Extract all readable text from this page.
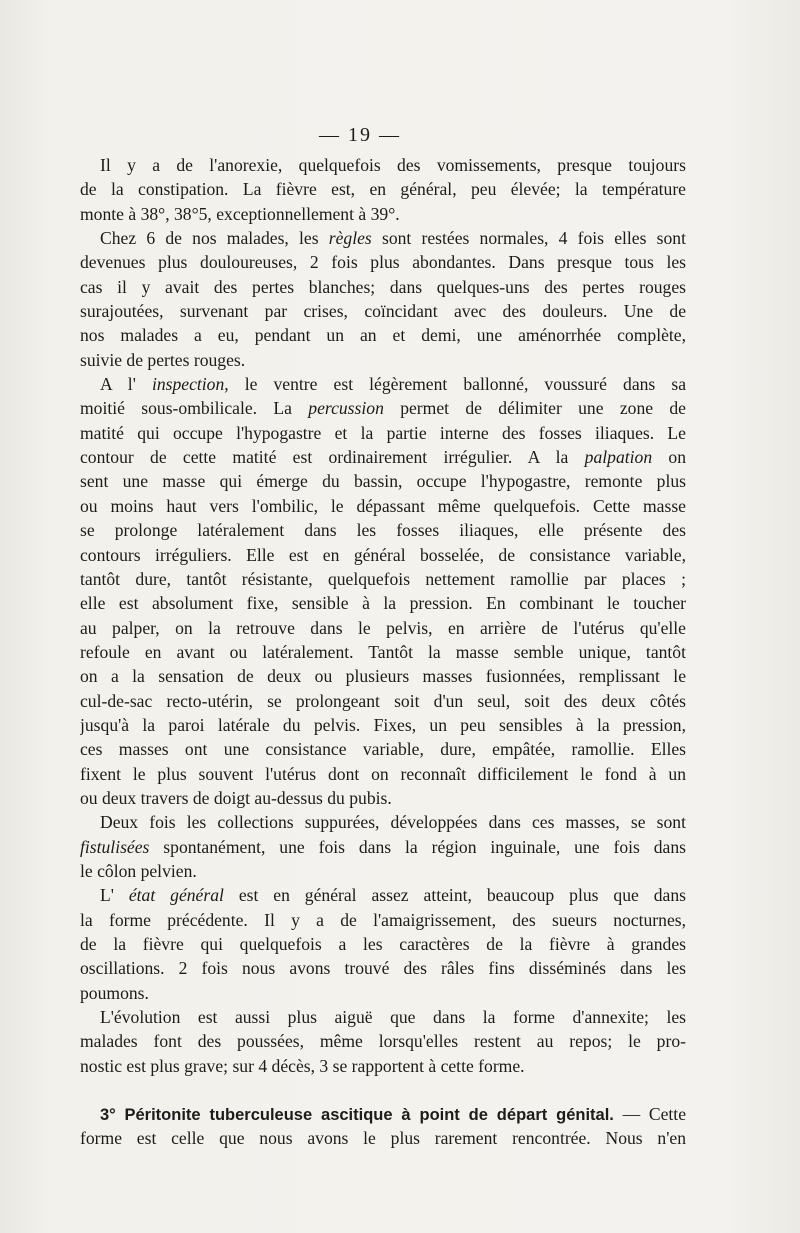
— 19 —
Il y a de l'anorexie, quelquefois des vomissements, presque toujours
de la constipation. La fièvre est, en général, peu élevée; la température
monte à 38°, 38°5, exceptionnellement à 39°.
Chez 6 de nos malades, les règles sont restées normales, 4 fois elles sont
devenues plus douloureuses, 2 fois plus abondantes. Dans presque tous les
cas il y avait des pertes blanches; dans quelques-uns des pertes rouges
surajoutées, survenant par crises, coïncidant avec des douleurs. Une de
nos malades a eu, pendant un an et demi, une aménorrhée complète,
suivie de pertes rouges.
A l' inspection, le ventre est légèrement ballonné, voussuré dans sa
moitié sous-ombilicale. La percussion permet de délimiter une zone de
matité qui occupe l'hypogastre et la partie interne des fosses iliaques. Le
contour de cette matité est ordinairement irrégulier. A la palpation on
sent une masse qui émerge du bassin, occupe l'hypogastre, remonte plus
ou moins haut vers l'ombilic, le dépassant même quelquefois. Cette masse
se prolonge latéralement dans les fosses iliaques, elle présente des
contours irréguliers. Elle est en général bosselée, de consistance variable,
tantôt dure, tantôt résistante, quelquefois nettement ramollie par places ;
elle est absolument fixe, sensible à la pression. En combinant le toucher
au palper, on la retrouve dans le pelvis, en arrière de l'utérus qu'elle
refoule en avant ou latéralement. Tantôt la masse semble unique, tantôt
on a la sensation de deux ou plusieurs masses fusionnées, remplissant le
cul-de-sac recto-utérin, se prolongeant soit d'un seul, soit des deux côtés
jusqu'à la paroi latérale du pelvis. Fixes, un peu sensibles à la pression,
ces masses ont une consistance variable, dure, empâtée, ramollie. Elles
fixent le plus souvent l'utérus dont on reconnaît difficilement le fond à un
ou deux travers de doigt au-dessus du pubis.
Deux fois les collections suppurées, développées dans ces masses, se sont
fistulisées spontanément, une fois dans la région inguinale, une fois dans
le côlon pelvien.
L' état général est en général assez atteint, beaucoup plus que dans
la forme précédente. Il y a de l'amaigrissement, des sueurs nocturnes,
de la fièvre qui quelquefois a les caractères de la fièvre à grandes
oscillations. 2 fois nous avons trouvé des râles fins disséminés dans les
poumons.
L'évolution est aussi plus aiguë que dans la forme d'annexite; les
malades font des poussées, même lorsqu'elles restent au repos; le pro-
nostic est plus grave; sur 4 décès, 3 se rapportent à cette forme.
3° Péritonite tuberculeuse ascitique à point de départ génital. — Cette
forme est celle que nous avons le plus rarement rencontrée. Nous n'en
